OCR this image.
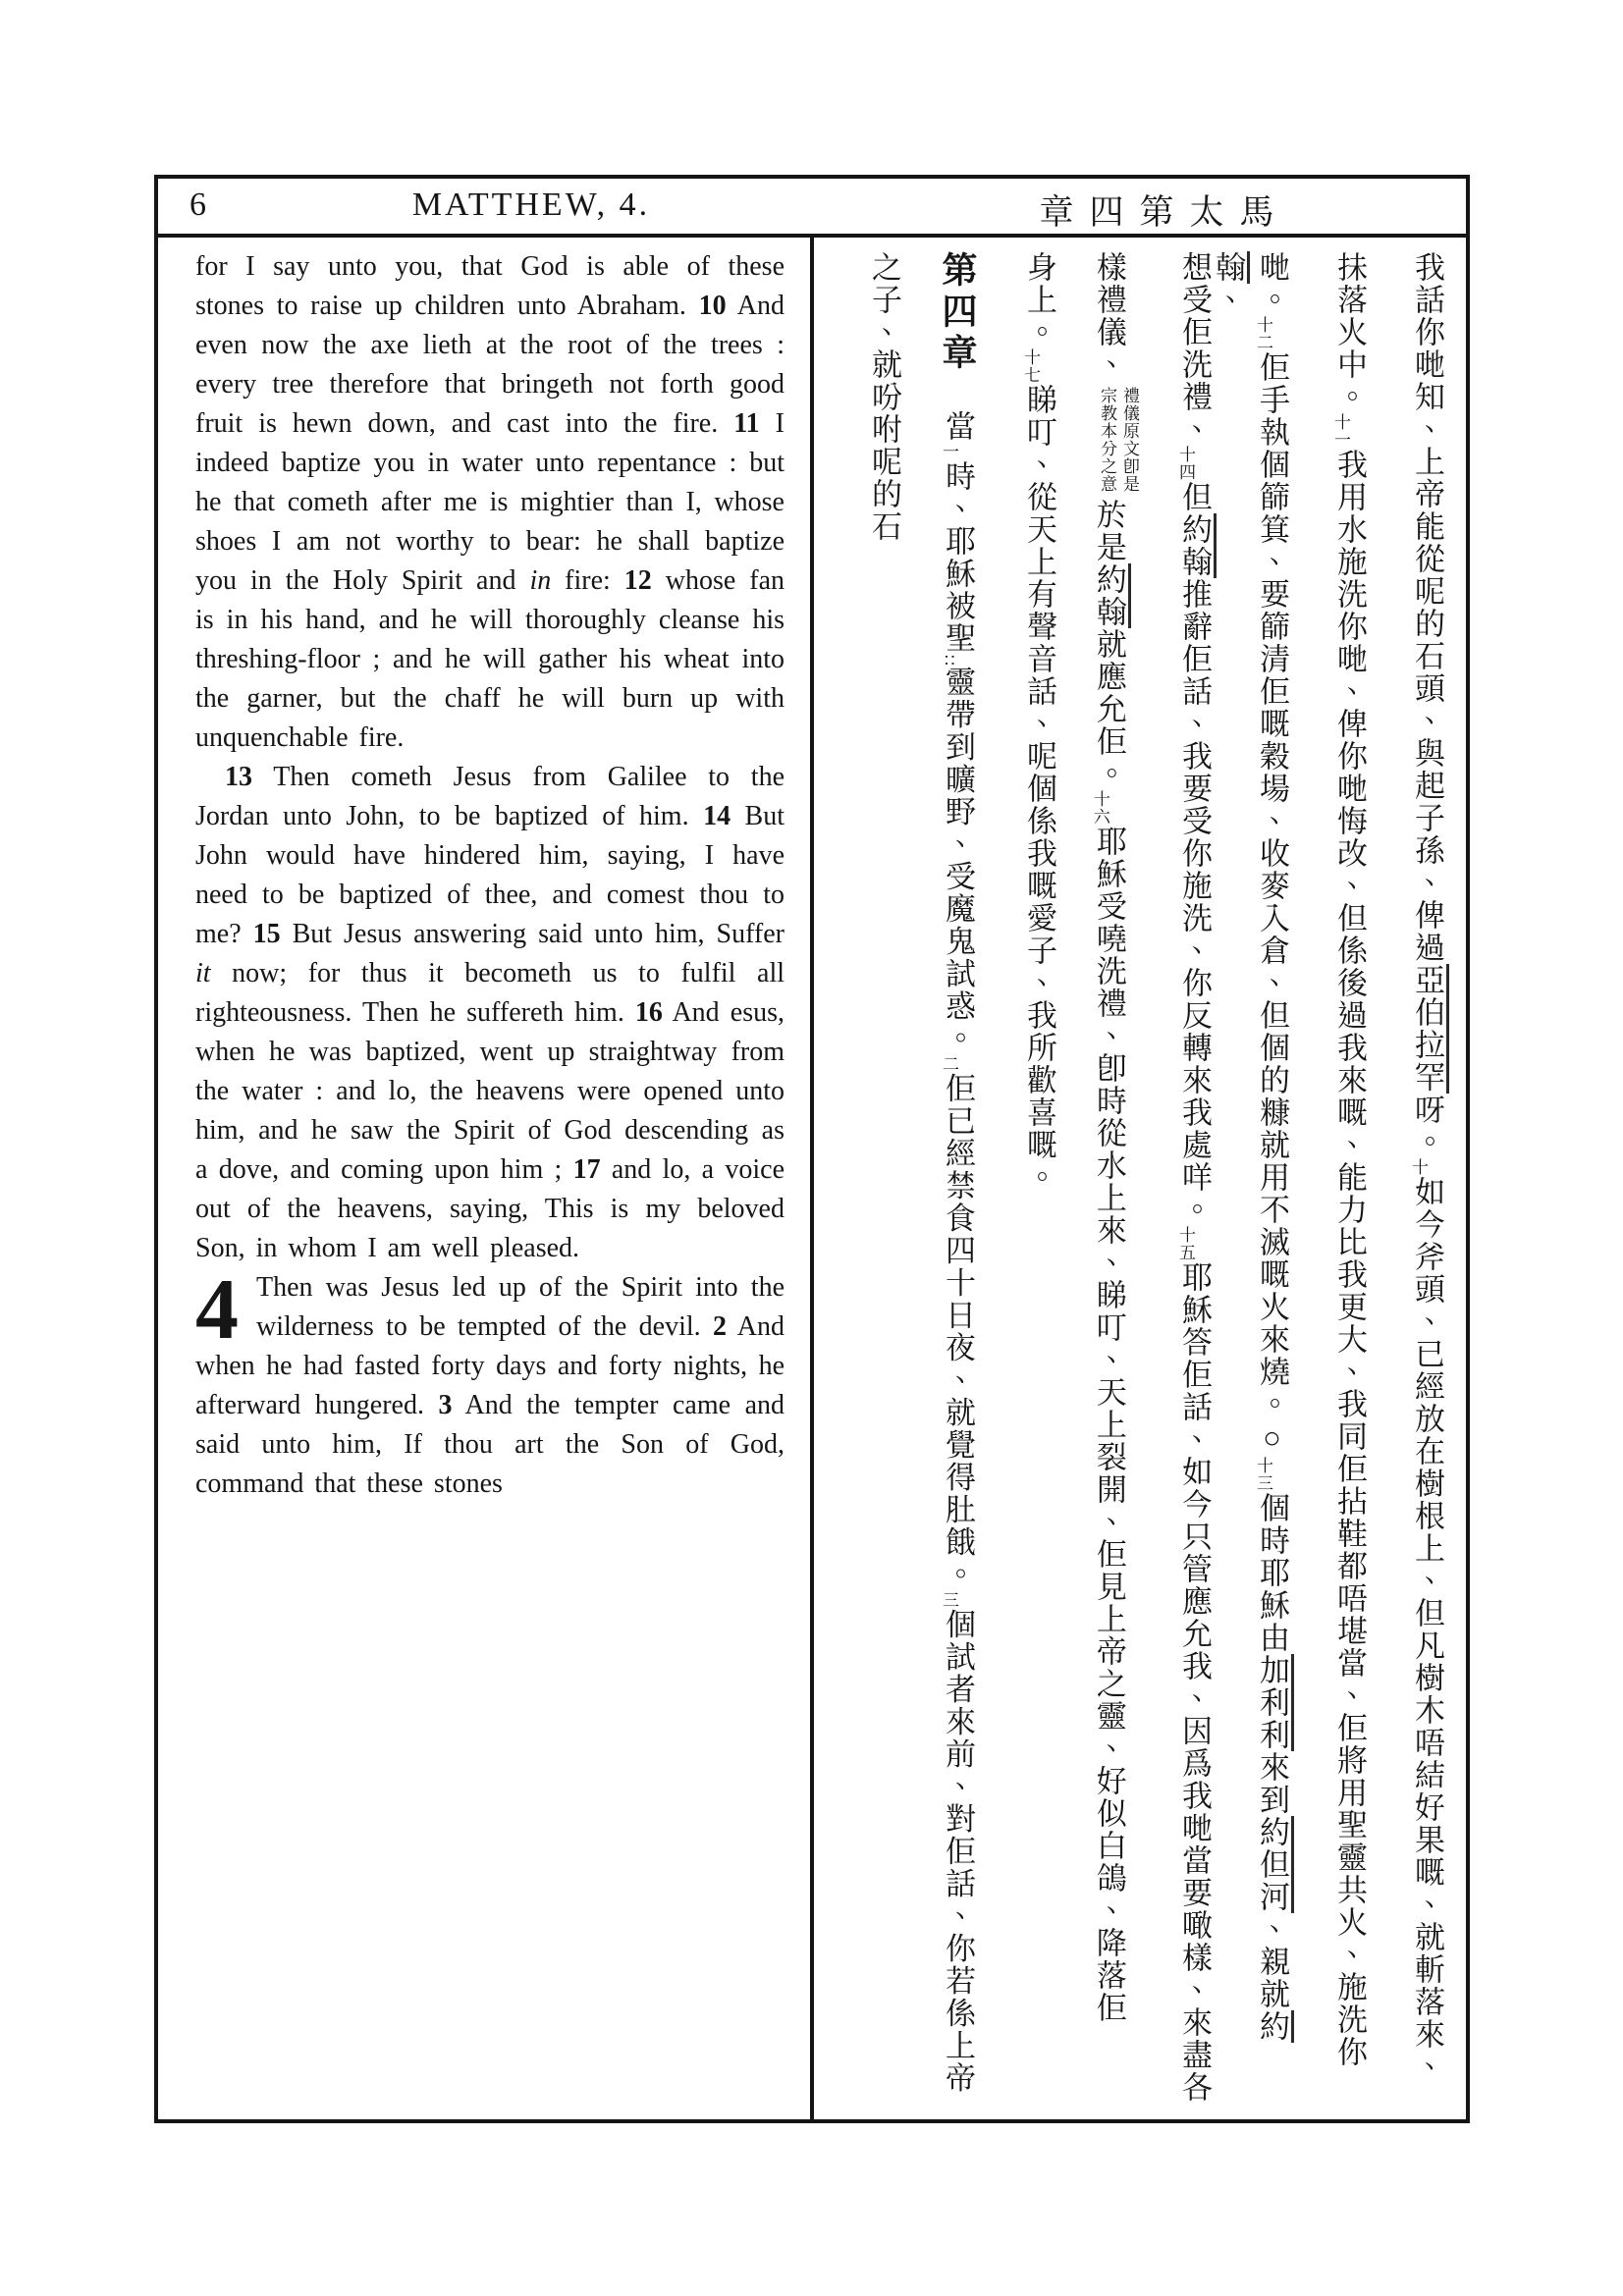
6	MATTHEW, 4.	章四第太馬

for I say unto you, that God is able of these stones to raise up children unto Abraham. 10 And even now the axe lieth at the root of the trees : every tree therefore that bringeth not forth good fruit is hewn down, and cast into the fire. 11 I indeed baptize you in water unto repentance : but he that cometh after me is mightier than I, whose shoes I am not worthy to bear: he shall baptize you in the Holy Spirit and in fire: 12 whose fan is in his hand, and he will thoroughly cleanse his threshing-floor ; and he will gather his wheat into the garner, but the chaff he will burn up with unquenchable fire.

13 Then cometh Jesus from Galilee to the Jordan unto John, to be baptized of him. 14 But John would have hindered him, saying, I have need to be baptized of thee, and comest thou to me? 15 But Jesus answering said unto him, Suffer it now; for thus it becometh us to fulfil all righteousness. Then he suffereth him. 16 And esus, when he was baptized, went up straightway from the water : and lo, the heavens were opened unto him, and he saw the Spirit of God descending as a dove, and coming upon him ; 17 and lo, a voice out of the heavens, saying, This is my beloved Son, in whom I am well pleased.

4 Then was Jesus led up of the Spirit into the wilderness to be tempted of the devil. 2 And when he had fasted forty days and forty nights, he afterward hungered. 3 And the tempter came and said unto him, If thou art the Son of God, command that these stones

我話你哋知、上帝能從呢的石頭、與起子孫、俾過亞伯拉罕呀。十如今斧頭、已經放在樹根上、但凡樹木唔結好果嘅、就斬落來、
抺落火中。十一我用水施洗你哋、俾你哋悔改、但係後過我來嘅、能力比我更大、我同佢拈鞋都唔堪當、佢將用聖靈共火、施洗你
哋。十二佢手執個篩箕、要篩清佢嘅穀場、收麥入倉、但個的糠就用不滅嘅火來燒。○十三個時耶穌由加利利來到約但河、親就約翰、
想受佢洗禮、十四但約翰推辭佢話、我要受你施洗、你反轉來我處咩。十五耶穌答佢話、如今只管應允我、因爲我哋當要噉樣、來盡各
樣禮儀、
禮儀原文卽是
宗教本分之意
於是約翰就應允佢。十六耶穌受嘵洗禮、卽時從水上來、睇叮、天上裂開、佢見上帝之靈、好似白鴿、降落佢
身上。十七睇叮、從天上有聲音話、呢個係我嘅愛子、我所歡喜嘅。
第四章當一時、耶穌被聖∷靈帶到曠野、受魔鬼試惑。二佢已經禁食四十日夜、就覺得肚餓。三個試者來前、對佢話、你若係上帝
之子、就吩咐呢的石
